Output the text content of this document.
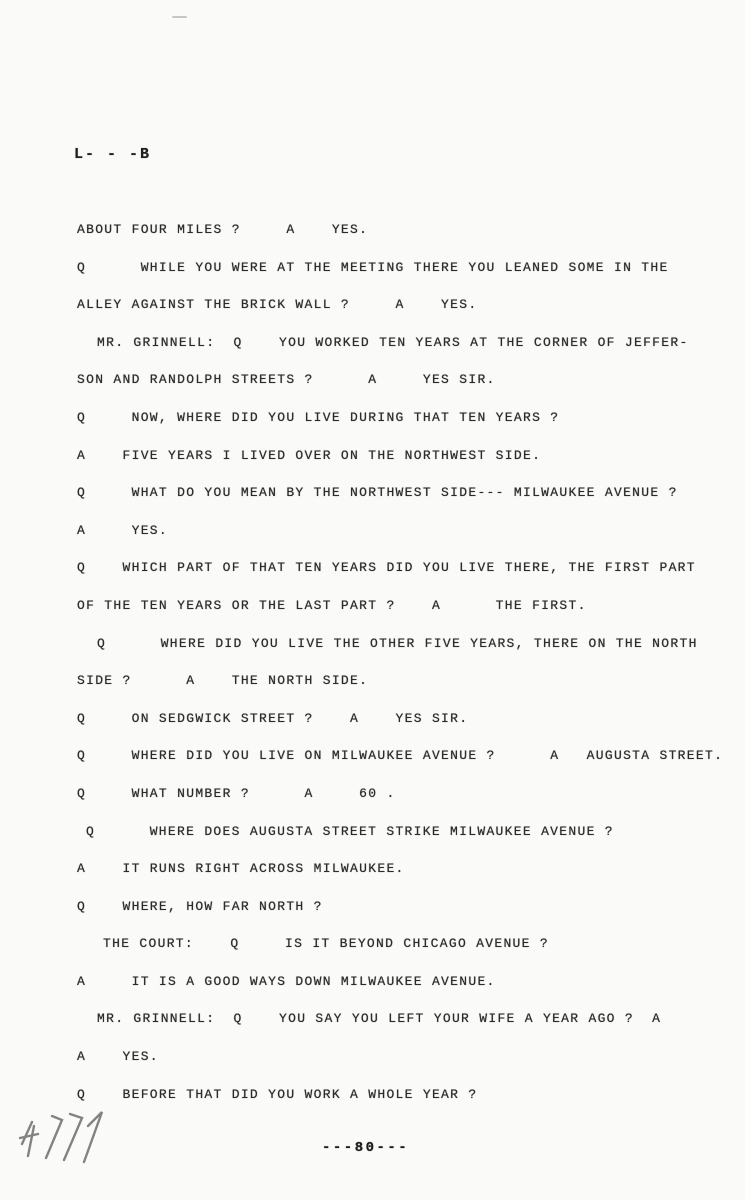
L- - -B
ABOUT FOUR MILES ?     A    YES.
Q      WHILE YOU WERE AT THE MEETING THERE YOU LEANED SOME IN THE
ALLEY AGAINST THE BRICK WALL ?     A    YES.
MR. GRINNELL:  Q    YOU WORKED TEN YEARS AT THE CORNER OF JEFFER-
SON AND RANDOLPH STREETS ?      A     YES SIR.
Q     NOW, WHERE DID YOU LIVE DURING THAT TEN YEARS ?
A    FIVE YEARS I LIVED OVER ON THE NORTHWEST SIDE.
Q     WHAT DO YOU MEAN BY THE NORTHWEST SIDE--- MILWAUKEE AVENUE ?
A     YES.
Q    WHICH PART OF THAT TEN YEARS DID YOU LIVE THERE, THE FIRST PART
OF THE TEN YEARS OR THE LAST PART ?    A      THE FIRST.
Q      WHERE DID YOU LIVE THE OTHER FIVE YEARS, THERE ON THE NORTH
SIDE ?      A    THE NORTH SIDE.
Q     ON SEDGWICK STREET ?    A    YES SIR.
Q     WHERE DID YOU LIVE ON MILWAUKEE AVENUE ?      A   AUGUSTA STREET.
Q     WHAT NUMBER ?      A     60 .
Q      WHERE DOES AUGUSTA STREET STRIKE MILWAUKEE AVENUE ?
A    IT RUNS RIGHT ACROSS MILWAUKEE.
Q    WHERE, HOW FAR NORTH ?
THE COURT:    Q     IS IT BEYOND CHICAGO AVENUE ?
A     IT IS A GOOD WAYS DOWN MILWAUKEE AVENUE.
MR. GRINNELL:  Q    YOU SAY YOU LEFT YOUR WIFE A YEAR AGO ?  A
A    YES.
Q    BEFORE THAT DID YOU WORK A WHOLE YEAR ?
---80---
